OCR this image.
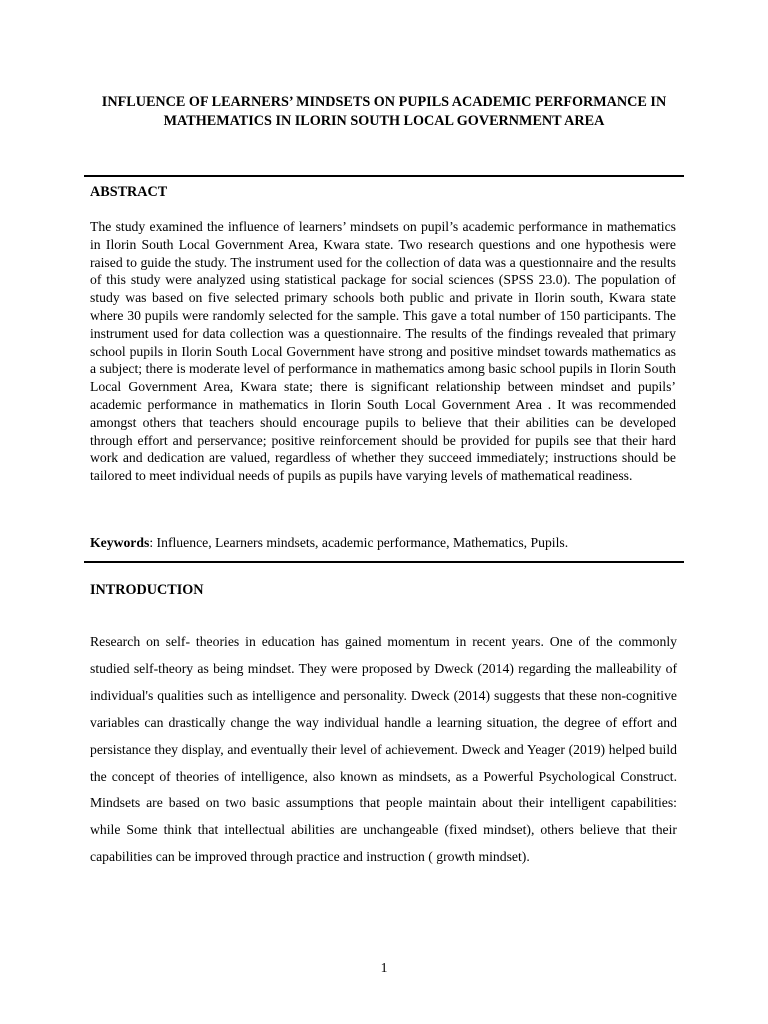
INFLUENCE OF LEARNERS’ MINDSETS ON PUPILS ACADEMIC PERFORMANCE IN MATHEMATICS IN ILORIN SOUTH LOCAL GOVERNMENT AREA
ABSTRACT

The study examined the influence of learners’ mindsets on pupil’s academic performance in mathematics in Ilorin South Local Government Area, Kwara state. Two research questions and one hypothesis were raised to guide the study. The instrument used for the collection of data was a questionnaire and the results of this study were analyzed using statistical package for social sciences (SPSS 23.0). The population of study was based on five selected primary schools both public and private in Ilorin south, Kwara state where 30 pupils were randomly selected for the sample. This gave a total number of 150 participants. The instrument used for data collection was a questionnaire. The results of the findings revealed that primary school pupils in Ilorin South Local Government have strong and positive mindset towards mathematics as a subject; there is moderate level of performance in mathematics among basic school pupils in Ilorin South Local Government Area, Kwara state; there is significant relationship between mindset and pupils’ academic performance in mathematics in Ilorin South Local Government Area . It was recommended amongst others that teachers should encourage pupils to believe that their abilities can be developed through effort and perservance; positive reinforcement should be provided for pupils see that their hard work and dedication are valued, regardless of whether they succeed immediately; instructions should be tailored to meet individual needs of pupils as pupils have varying levels of mathematical readiness.

Keywords: Influence, Learners mindsets, academic performance, Mathematics, Pupils.

INTRODUCTION

Research on self- theories in education has gained momentum in recent years. One of the commonly studied self-theory as being mindset. They were proposed by Dweck (2014) regarding the malleability of individual's qualities such as intelligence and personality. Dweck (2014) suggests that these non-cognitive variables can drastically change the way individual handle a learning situation, the degree of effort and persistance they display, and eventually their level of achievement. Dweck and Yeager (2019) helped build the concept of theories of intelligence, also known as mindsets, as a Powerful Psychological Construct. Mindsets are based on two basic assumptions that people maintain about their intelligent capabilities: while Some think that intellectual abilities are unchangeable (fixed mindset), others believe that their capabilities can be improved through practice and instruction ( growth mindset).

1
